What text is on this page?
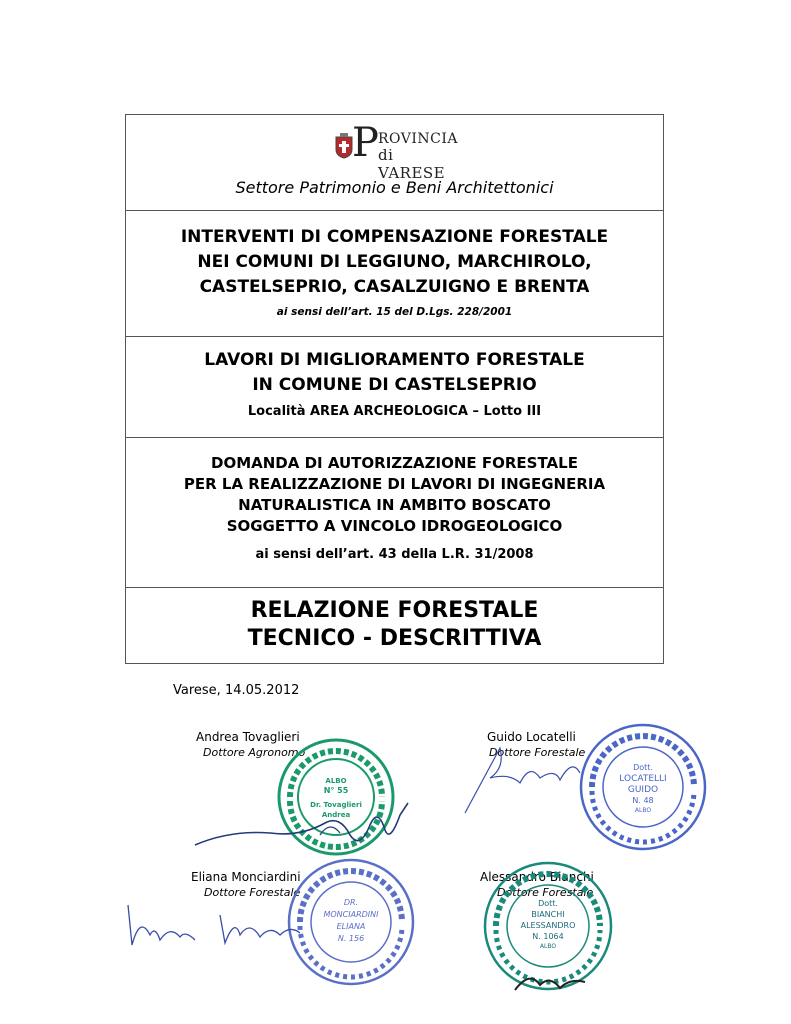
P ROVINCIA
di VARESE
Settore Patrimonio e Beni Architettonici
INTERVENTI DI COMPENSAZIONE FORESTALE
NEI COMUNI DI LEGGIUNO, MARCHIROLO,
CASTELSEPRIO, CASALZUIGNO E BRENTA
ai sensi dell’art. 15 del D.Lgs. 228/2001
LAVORI DI MIGLIORAMENTO FORESTALE
IN COMUNE DI CASTELSEPRIO
Località AREA ARCHEOLOGICA – Lotto III
DOMANDA DI AUTORIZZAZIONE FORESTALE
PER LA REALIZZAZIONE DI LAVORI DI INGEGNERIA
NATURALISTICA IN AMBITO BOSCATO
SOGGETTO A VINCOLO IDROGEOLOGICO
ai sensi dell’art. 43 della L.R. 31/2008
RELAZIONE FORESTALE
TECNICO - DESCRITTIVA
Varese, 14.05.2012
Andrea Tovaglieri
Dottore Agronomo
Guido Locatelli
Dottore Forestale
Eliana Monciardini
Dottore Forestale
Alessandro Bianchi
Dottore Forestale
ALBO
N° 55
Dr. Tovaglieri
Andrea
Dott.
LOCATELLI
GUIDO
N. 48
ALBO
DR.
MONCIARDINI
ELIANA
N. 156
Dott.
BIANCHI
ALESSANDRO
N. 1064
ALBO
